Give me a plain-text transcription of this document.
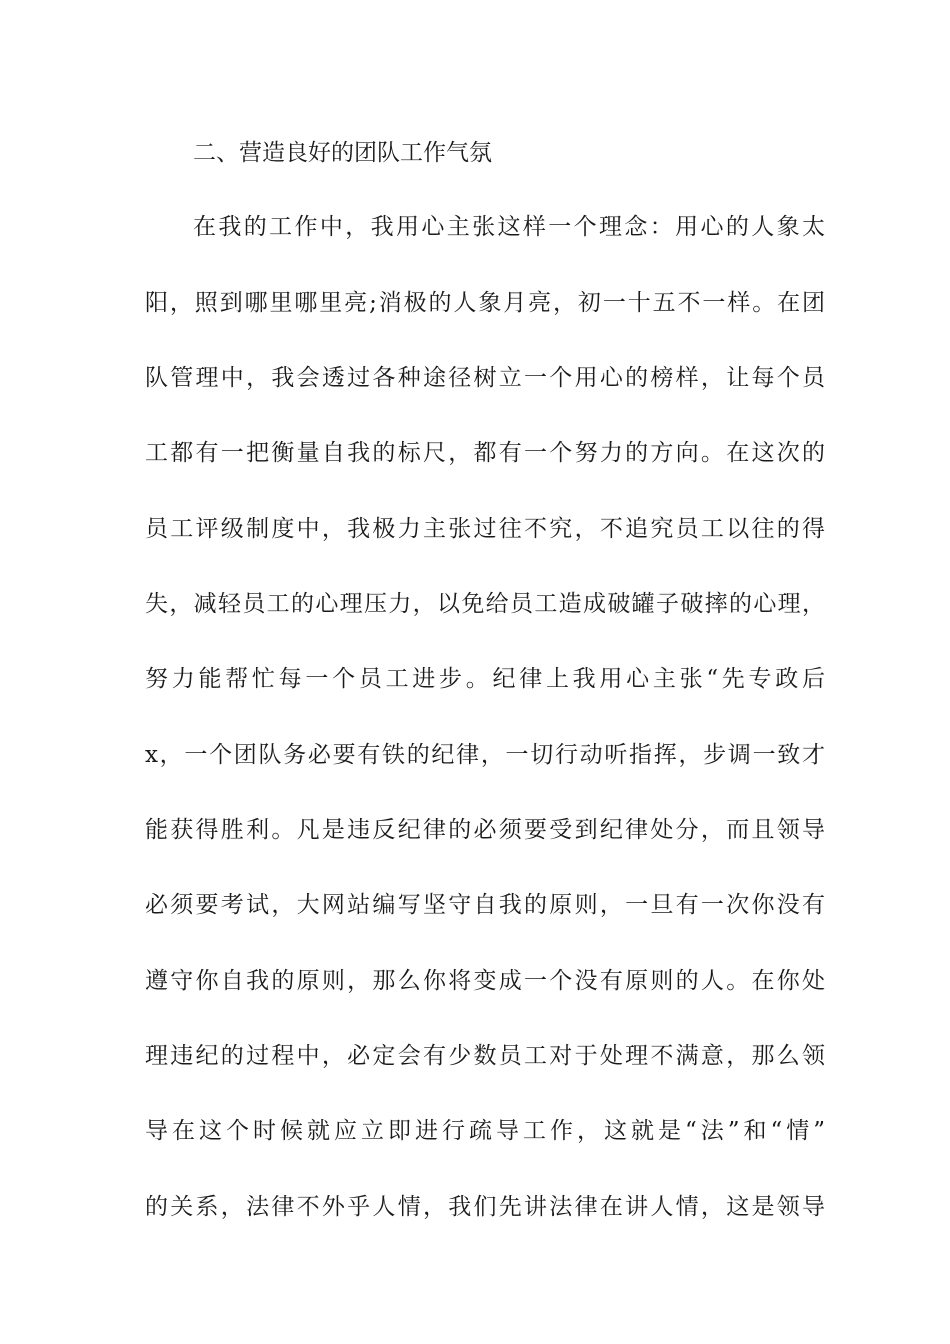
二、营造良好的团队工作气氛
在我的工作中，我用心主张这样一个理念：用心的人象太
阳，照到哪里哪里亮;消极的人象月亮，初一十五不一样。在团
队管理中，我会透过各种途径树立一个用心的榜样，让每个员
工都有一把衡量自我的标尺，都有一个努力的方向。在这次的
员工评级制度中，我极力主张过往不究，不追究员工以往的得
失，减轻员工的心理压力，以免给员工造成破罐子破摔的心理，
努力能帮忙每一个员工进步。纪律上我用心主张“先专政后
x，一个团队务必要有铁的纪律，一切行动听指挥，步调一致才
能获得胜利。凡是违反纪律的必须要受到纪律处分，而且领导
必须要考试，大网站编写坚守自我的原则，一旦有一次你没有
遵守你自我的原则，那么你将变成一个没有原则的人。在你处
理违纪的过程中，必定会有少数员工对于处理不满意，那么领
导在这个时候就应立即进行疏导工作，这就是“法”和“情”
的关系，法律不外乎人情，我们先讲法律在讲人情，这是领导
